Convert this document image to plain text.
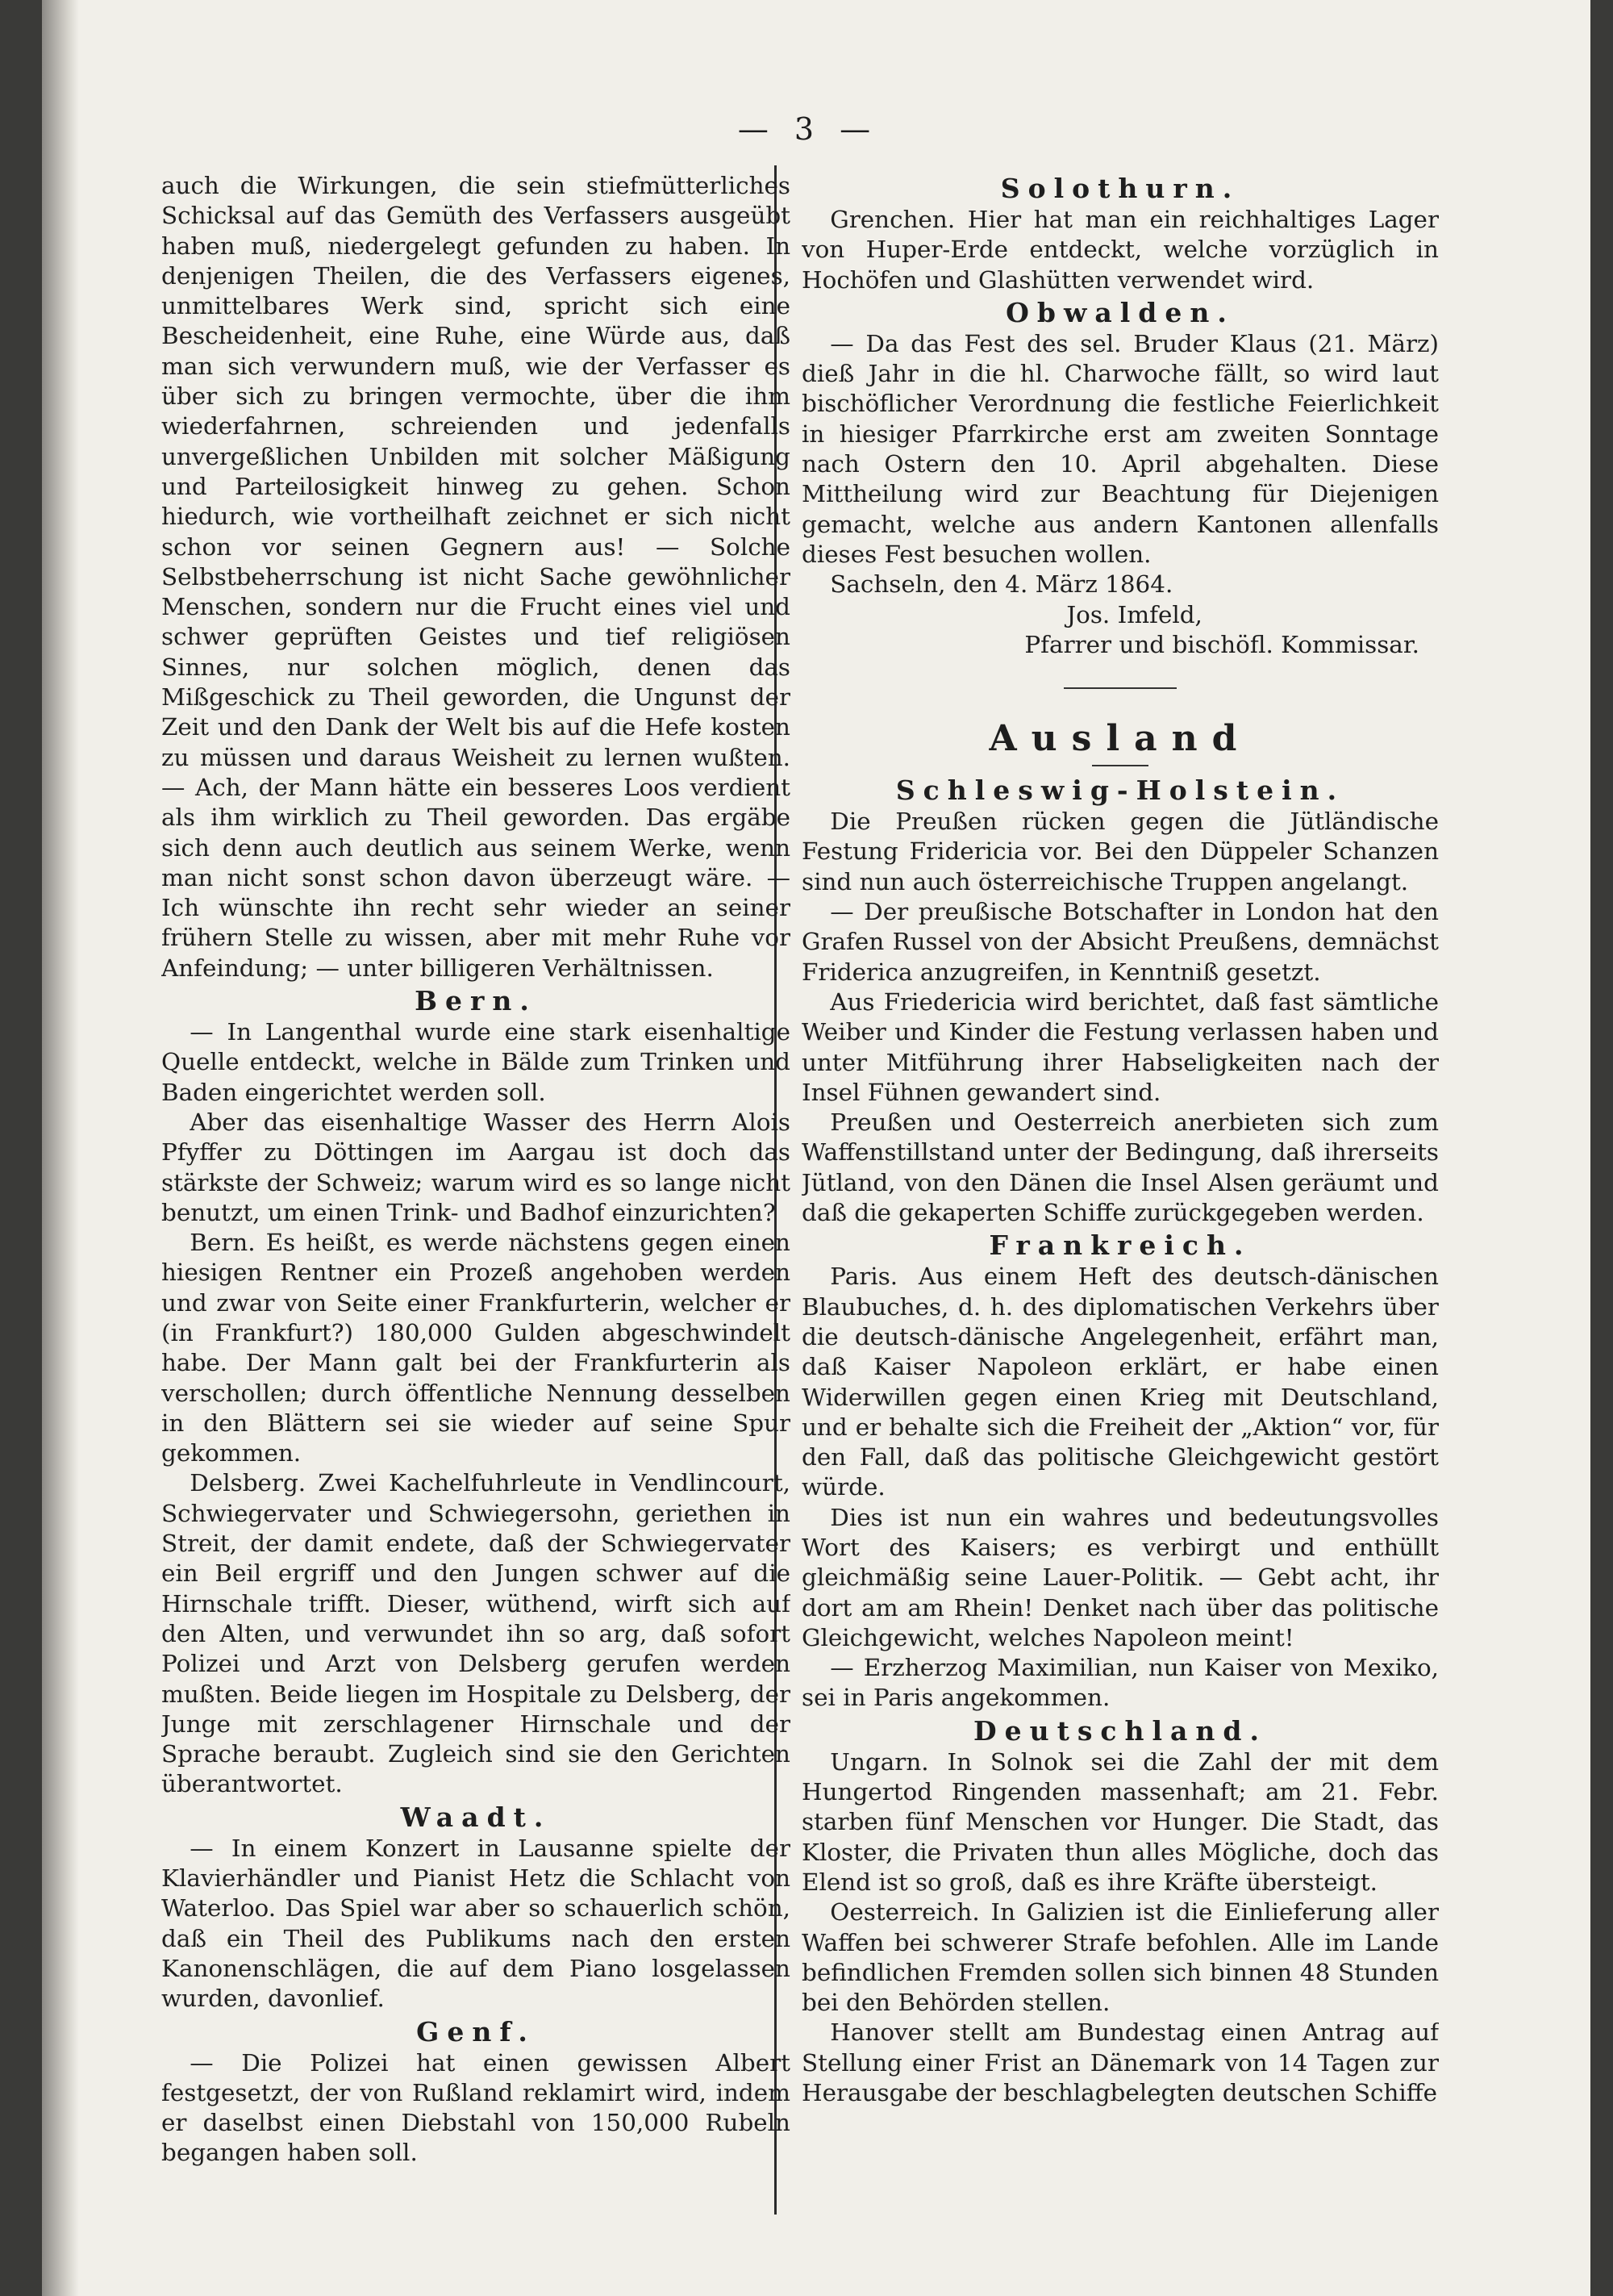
— 3 —

auch die Wirkungen, die sein stiefmütterliches Schicksal auf das Gemüth des Verfassers ausgeübt haben muß, niedergelegt gefunden zu haben. In denjenigen Theilen, die des Verfassers eigenes, unmittelbares Werk sind, spricht sich eine Bescheidenheit, eine Ruhe, eine Würde aus, daß man sich verwundern muß, wie der Verfasser es über sich zu bringen vermochte, über die ihm wiederfahrnen, schreienden und jedenfalls unvergeßlichen Unbilden mit solcher Mäßigung und Parteilosigkeit hinweg zu gehen. Schon hiedurch, wie vortheilhaft zeichnet er sich nicht schon vor seinen Gegnern aus! — Solche Selbstbeherrschung ist nicht Sache gewöhnlicher Menschen, sondern nur die Frucht eines viel und schwer geprüften Geistes und tief religiösen Sinnes, nur solchen möglich, denen das Mißgeschick zu Theil geworden, die Ungunst der Zeit und den Dank der Welt bis auf die Hefe kosten zu müssen und daraus Weisheit zu lernen wußten. — Ach, der Mann hätte ein besseres Loos verdient als ihm wirklich zu Theil geworden. Das ergäbe sich denn auch deutlich aus seinem Werke, wenn man nicht sonst schon davon überzeugt wäre. — Ich wünschte ihn recht sehr wieder an seiner frühern Stelle zu wissen, aber mit mehr Ruhe vor Anfeindung; — unter billigeren Verhältnissen.

Bern.

— In Langenthal wurde eine stark eisenhaltige Quelle entdeckt, welche in Bälde zum Trinken und Baden eingerichtet werden soll.

Aber das eisenhaltige Wasser des Herrn Alois Pfyffer zu Döttingen im Aargau ist doch das stärkste der Schweiz; warum wird es so lange nicht benutzt, um einen Trink- und Badhof einzurichten?

Bern. Es heißt, es werde nächstens gegen einen hiesigen Rentner ein Prozeß angehoben werden und zwar von Seite einer Frankfurterin, welcher er (in Frankfurt?) 180,000 Gulden abgeschwindelt habe. Der Mann galt bei der Frankfurterin als verschollen; durch öffentliche Nennung desselben in den Blättern sei sie wieder auf seine Spur gekommen.

Delsberg. Zwei Kachelfuhrleute in Vendlincourt, Schwiegervater und Schwiegersohn, geriethen in Streit, der damit endete, daß der Schwiegervater ein Beil ergriff und den Jungen schwer auf die Hirnschale trifft. Dieser, wüthend, wirft sich auf den Alten, und verwundet ihn so arg, daß sofort Polizei und Arzt von Delsberg gerufen werden mußten. Beide liegen im Hospitale zu Delsberg, der Junge mit zerschlagener Hirnschale und der Sprache beraubt. Zugleich sind sie den Gerichten überantwortet.

Waadt.

— In einem Konzert in Lausanne spielte der Klavierhändler und Pianist Hetz die Schlacht von Waterloo. Das Spiel war aber so schauerlich schön, daß ein Theil des Publikums nach den ersten Kanonenschlägen, die auf dem Piano losgelassen wurden, davonlief.

Genf.

— Die Polizei hat einen gewissen Albert festgesetzt, der von Rußland reklamirt wird, indem er daselbst einen Diebstahl von 150,000 Rubeln begangen haben soll.

Solothurn.

Grenchen. Hier hat man ein reichhaltiges Lager von Huper-Erde entdeckt, welche vorzüglich in Hochöfen und Glashütten verwendet wird.

Obwalden.

— Da das Fest des sel. Bruder Klaus (21. März) dieß Jahr in die hl. Charwoche fällt, so wird laut bischöflicher Verordnung die festliche Feierlichkeit in hiesiger Pfarrkirche erst am zweiten Sonntage nach Ostern den 10. April abgehalten. Diese Mittheilung wird zur Beachtung für Diejenigen gemacht, welche aus andern Kantonen allenfalls dieses Fest besuchen wollen.

Sachseln, den 4. März 1864.

Jos. Imfeld,

Pfarrer und bischöfl. Kommissar.

Ausland
Schleswig-Holstein.

Die Preußen rücken gegen die Jütländische Festung Fridericia vor. Bei den Düppeler Schanzen sind nun auch österreichische Truppen angelangt.

— Der preußische Botschafter in London hat den Grafen Russel von der Absicht Preußens, demnächst Friderica anzugreifen, in Kenntniß gesetzt.

Aus Friedericia wird berichtet, daß fast sämtliche Weiber und Kinder die Festung verlassen haben und unter Mitführung ihrer Habseligkeiten nach der Insel Fühnen gewandert sind.

Preußen und Oesterreich anerbieten sich zum Waffenstillstand unter der Bedingung, daß ihrerseits Jütland, von den Dänen die Insel Alsen geräumt und daß die gekaperten Schiffe zurückgegeben werden.

Frankreich.

Paris. Aus einem Heft des deutsch-dänischen Blaubuches, d. h. des diplomatischen Verkehrs über die deutsch-dänische Angelegenheit, erfährt man, daß Kaiser Napoleon erklärt, er habe einen Widerwillen gegen einen Krieg mit Deutschland, und er behalte sich die Freiheit der „Aktion“ vor, für den Fall, daß das politische Gleichgewicht gestört würde.

Dies ist nun ein wahres und bedeutungsvolles Wort des Kaisers; es verbirgt und enthüllt gleichmäßig seine Lauer-Politik. — Gebt acht, ihr dort am am Rhein! Denket nach über das politische Gleichgewicht, welches Napoleon meint!

— Erzherzog Maximilian, nun Kaiser von Mexiko, sei in Paris angekommen.

Deutschland.

Ungarn. In Solnok sei die Zahl der mit dem Hungertod Ringenden massenhaft; am 21. Febr. starben fünf Menschen vor Hunger. Die Stadt, das Kloster, die Privaten thun alles Mögliche, doch das Elend ist so groß, daß es ihre Kräfte übersteigt.

Oesterreich. In Galizien ist die Einlieferung aller Waffen bei schwerer Strafe befohlen. Alle im Lande befindlichen Fremden sollen sich binnen 48 Stunden bei den Behörden stellen.

Hanover stellt am Bundestag einen Antrag auf Stellung einer Frist an Dänemark von 14 Tagen zur Herausgabe der beschlagbelegten deutschen Schiffe
